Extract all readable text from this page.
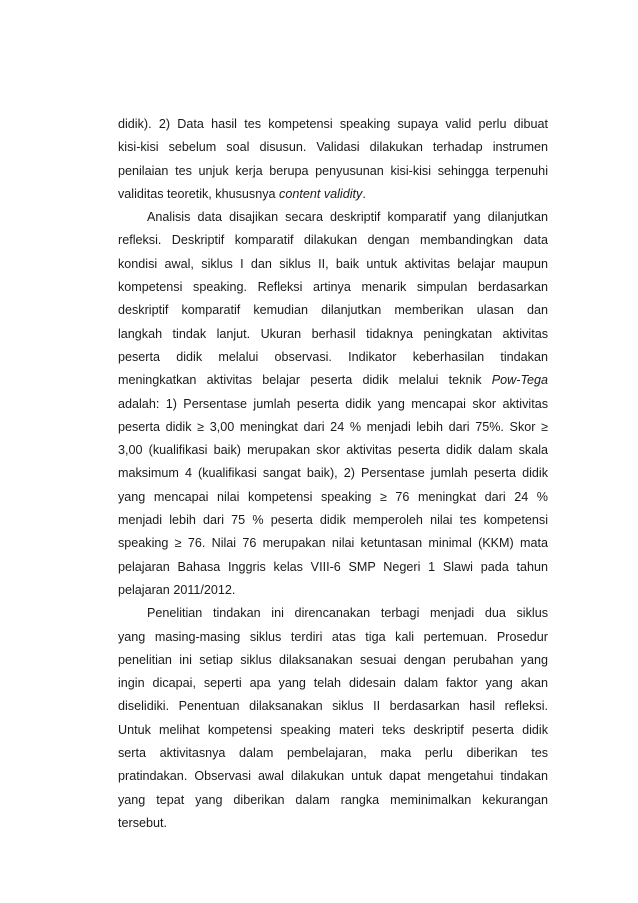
didik). 2) Data hasil tes kompetensi speaking supaya valid perlu dibuat
kisi-kisi sebelum soal disusun. Validasi dilakukan terhadap instrumen
penilaian tes unjuk kerja berupa penyusunan kisi-kisi sehingga terpenuhi
validitas teoretik, khususnya content validity.
Analisis data disajikan secara deskriptif komparatif yang dilanjutkan
refleksi. Deskriptif komparatif dilakukan dengan membandingkan data
kondisi awal, siklus I dan siklus II, baik untuk aktivitas belajar maupun
kompetensi speaking. Refleksi artinya menarik simpulan berdasarkan
deskriptif komparatif kemudian dilanjutkan memberikan ulasan dan
langkah tindak lanjut. Ukuran berhasil tidaknya peningkatan aktivitas
peserta didik melalui observasi. Indikator keberhasilan tindakan
meningkatkan aktivitas belajar peserta didik melalui teknik Pow-Tega
adalah: 1) Persentase jumlah peserta didik yang mencapai skor aktivitas
peserta didik ≥ 3,00 meningkat dari 24 % menjadi lebih dari 75%. Skor ≥
3,00 (kualifikasi baik) merupakan skor aktivitas peserta didik dalam skala
maksimum 4 (kualifikasi sangat baik), 2) Persentase jumlah peserta didik
yang mencapai nilai kompetensi speaking ≥ 76 meningkat dari 24 %
menjadi lebih dari 75 % peserta didik memperoleh nilai tes kompetensi
speaking ≥ 76. Nilai 76 merupakan nilai ketuntasan minimal (KKM) mata
pelajaran Bahasa Inggris kelas VIII-6 SMP Negeri 1 Slawi pada tahun
pelajaran 2011/2012.
Penelitian tindakan ini direncanakan terbagi menjadi dua siklus
yang masing-masing siklus terdiri atas tiga kali pertemuan. Prosedur
penelitian ini setiap siklus dilaksanakan sesuai dengan perubahan yang
ingin dicapai, seperti apa yang telah didesain dalam faktor yang akan
diselidiki. Penentuan dilaksanakan siklus II berdasarkan hasil refleksi.
Untuk melihat kompetensi speaking materi teks deskriptif peserta didik
serta aktivitasnya dalam pembelajaran, maka perlu diberikan tes
pratindakan. Observasi awal dilakukan untuk dapat mengetahui tindakan
yang tepat yang diberikan dalam rangka meminimalkan kekurangan
tersebut.
